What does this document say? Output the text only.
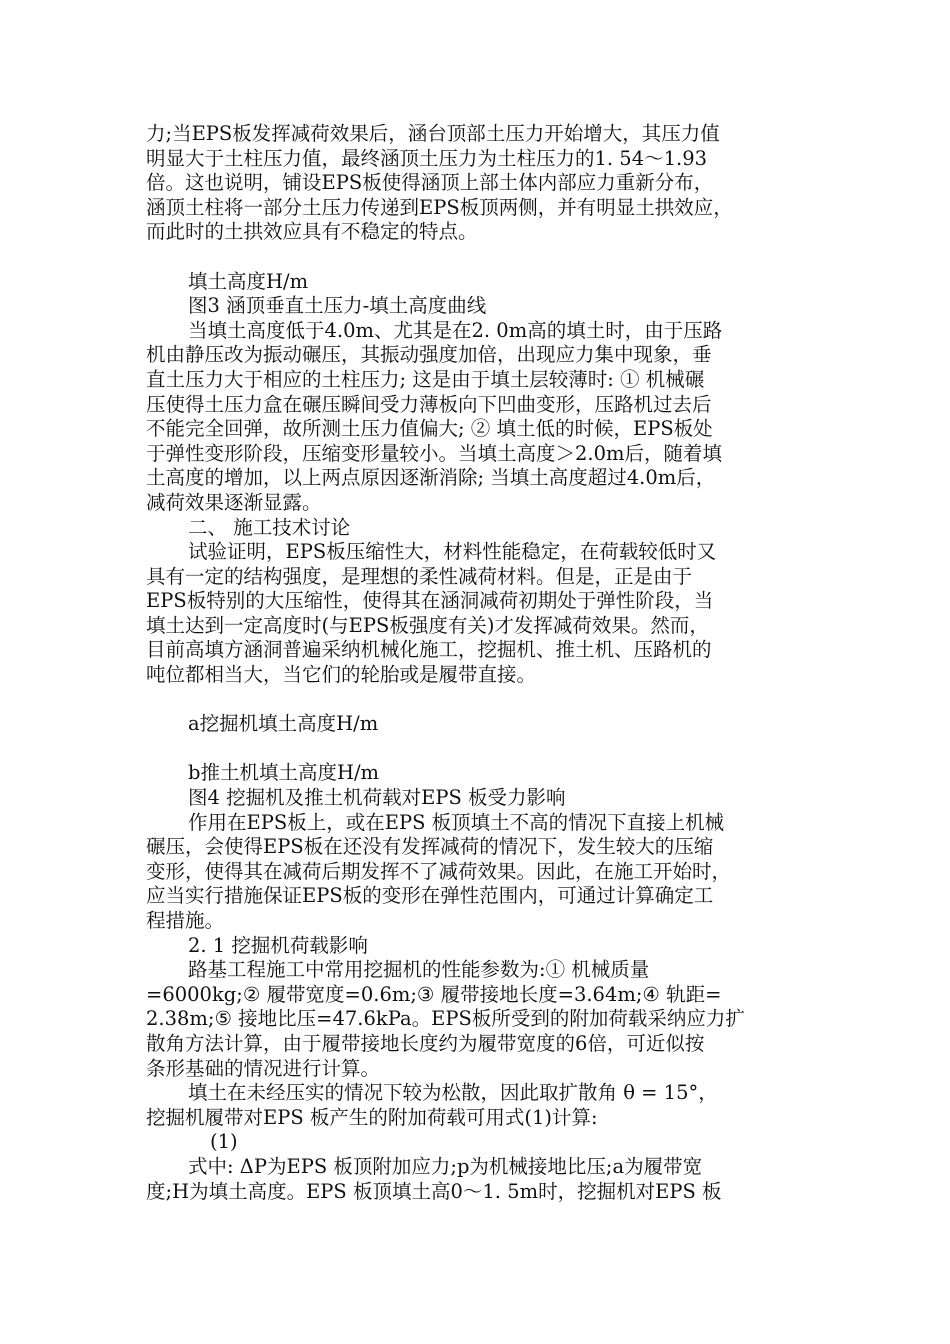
力;当EPS板发挥减荷效果后，涵台顶部土压力开始增大，其压力值
明显大于土柱压力值，最终涵顶土压力为土柱压力的1. 54～1.93
倍。这也说明，铺设EPS板使得涵顶上部土体内部应力重新分布，
涵顶土柱将一部分土压力传递到EPS板顶两侧，并有明显土拱效应，
而此时的土拱效应具有不稳定的特点。
填土高度H/m
图3 涵顶垂直土压力-填土高度曲线
当填土高度低于4.0m、尤其是在2. 0m高的填土时，由于压路
机由静压改为振动碾压，其振动强度加倍，出现应力集中现象，垂
直土压力大于相应的土柱压力; 这是由于填土层较薄时: ① 机械碾
压使得土压力盒在碾压瞬间受力薄板向下凹曲变形，压路机过去后
不能完全回弹，故所测土压力值偏大; ② 填土低的时候，EPS板处
于弹性变形阶段，压缩变形量较小。当填土高度＞2.0m后，随着填
土高度的增加，以上两点原因逐渐消除; 当填土高度超过4.0m后，
减荷效果逐渐显露。
二、 施工技术讨论
试验证明，EPS板压缩性大，材料性能稳定，在荷载较低时又
具有一定的结构强度，是理想的柔性减荷材料。但是，正是由于
EPS板特别的大压缩性，使得其在涵洞减荷初期处于弹性阶段，当
填土达到一定高度时(与EPS板强度有关)才发挥减荷效果。然而，
目前高填方涵洞普遍采纳机械化施工，挖掘机、推土机、压路机的
吨位都相当大，当它们的轮胎或是履带直接。
a挖掘机填土高度H/m
b推土机填土高度H/m
图4 挖掘机及推土机荷载对EPS 板受力影响
作用在EPS板上，或在EPS 板顶填土不高的情况下直接上机械
碾压，会使得EPS板在还没有发挥减荷的情况下，发生较大的压缩
变形，使得其在减荷后期发挥不了减荷效果。因此，在施工开始时，
应当实行措施保证EPS板的变形在弹性范围内，可通过计算确定工
程措施。
2. 1 挖掘机荷载影响
路基工程施工中常用挖掘机的性能参数为:① 机械质量
=6000kg;② 履带宽度=0.6m;③ 履带接地长度=3.64m;④ 轨距=
2.38m;⑤ 接地比压=47.6kPa。EPS板所受到的附加荷载采纳应力扩
散角方法计算，由于履带接地长度约为履带宽度的6倍，可近似按
条形基础的情况进行计算。
填土在未经压实的情况下较为松散，因此取扩散角 θ = 15°，
挖掘机履带对EPS 板产生的附加荷载可用式(1)计算:
(1)
式中: ΔP为EPS 板顶附加应力;p为机械接地比压;a为履带宽
度;H为填土高度。EPS 板顶填土高0～1. 5m时，挖掘机对EPS 板
